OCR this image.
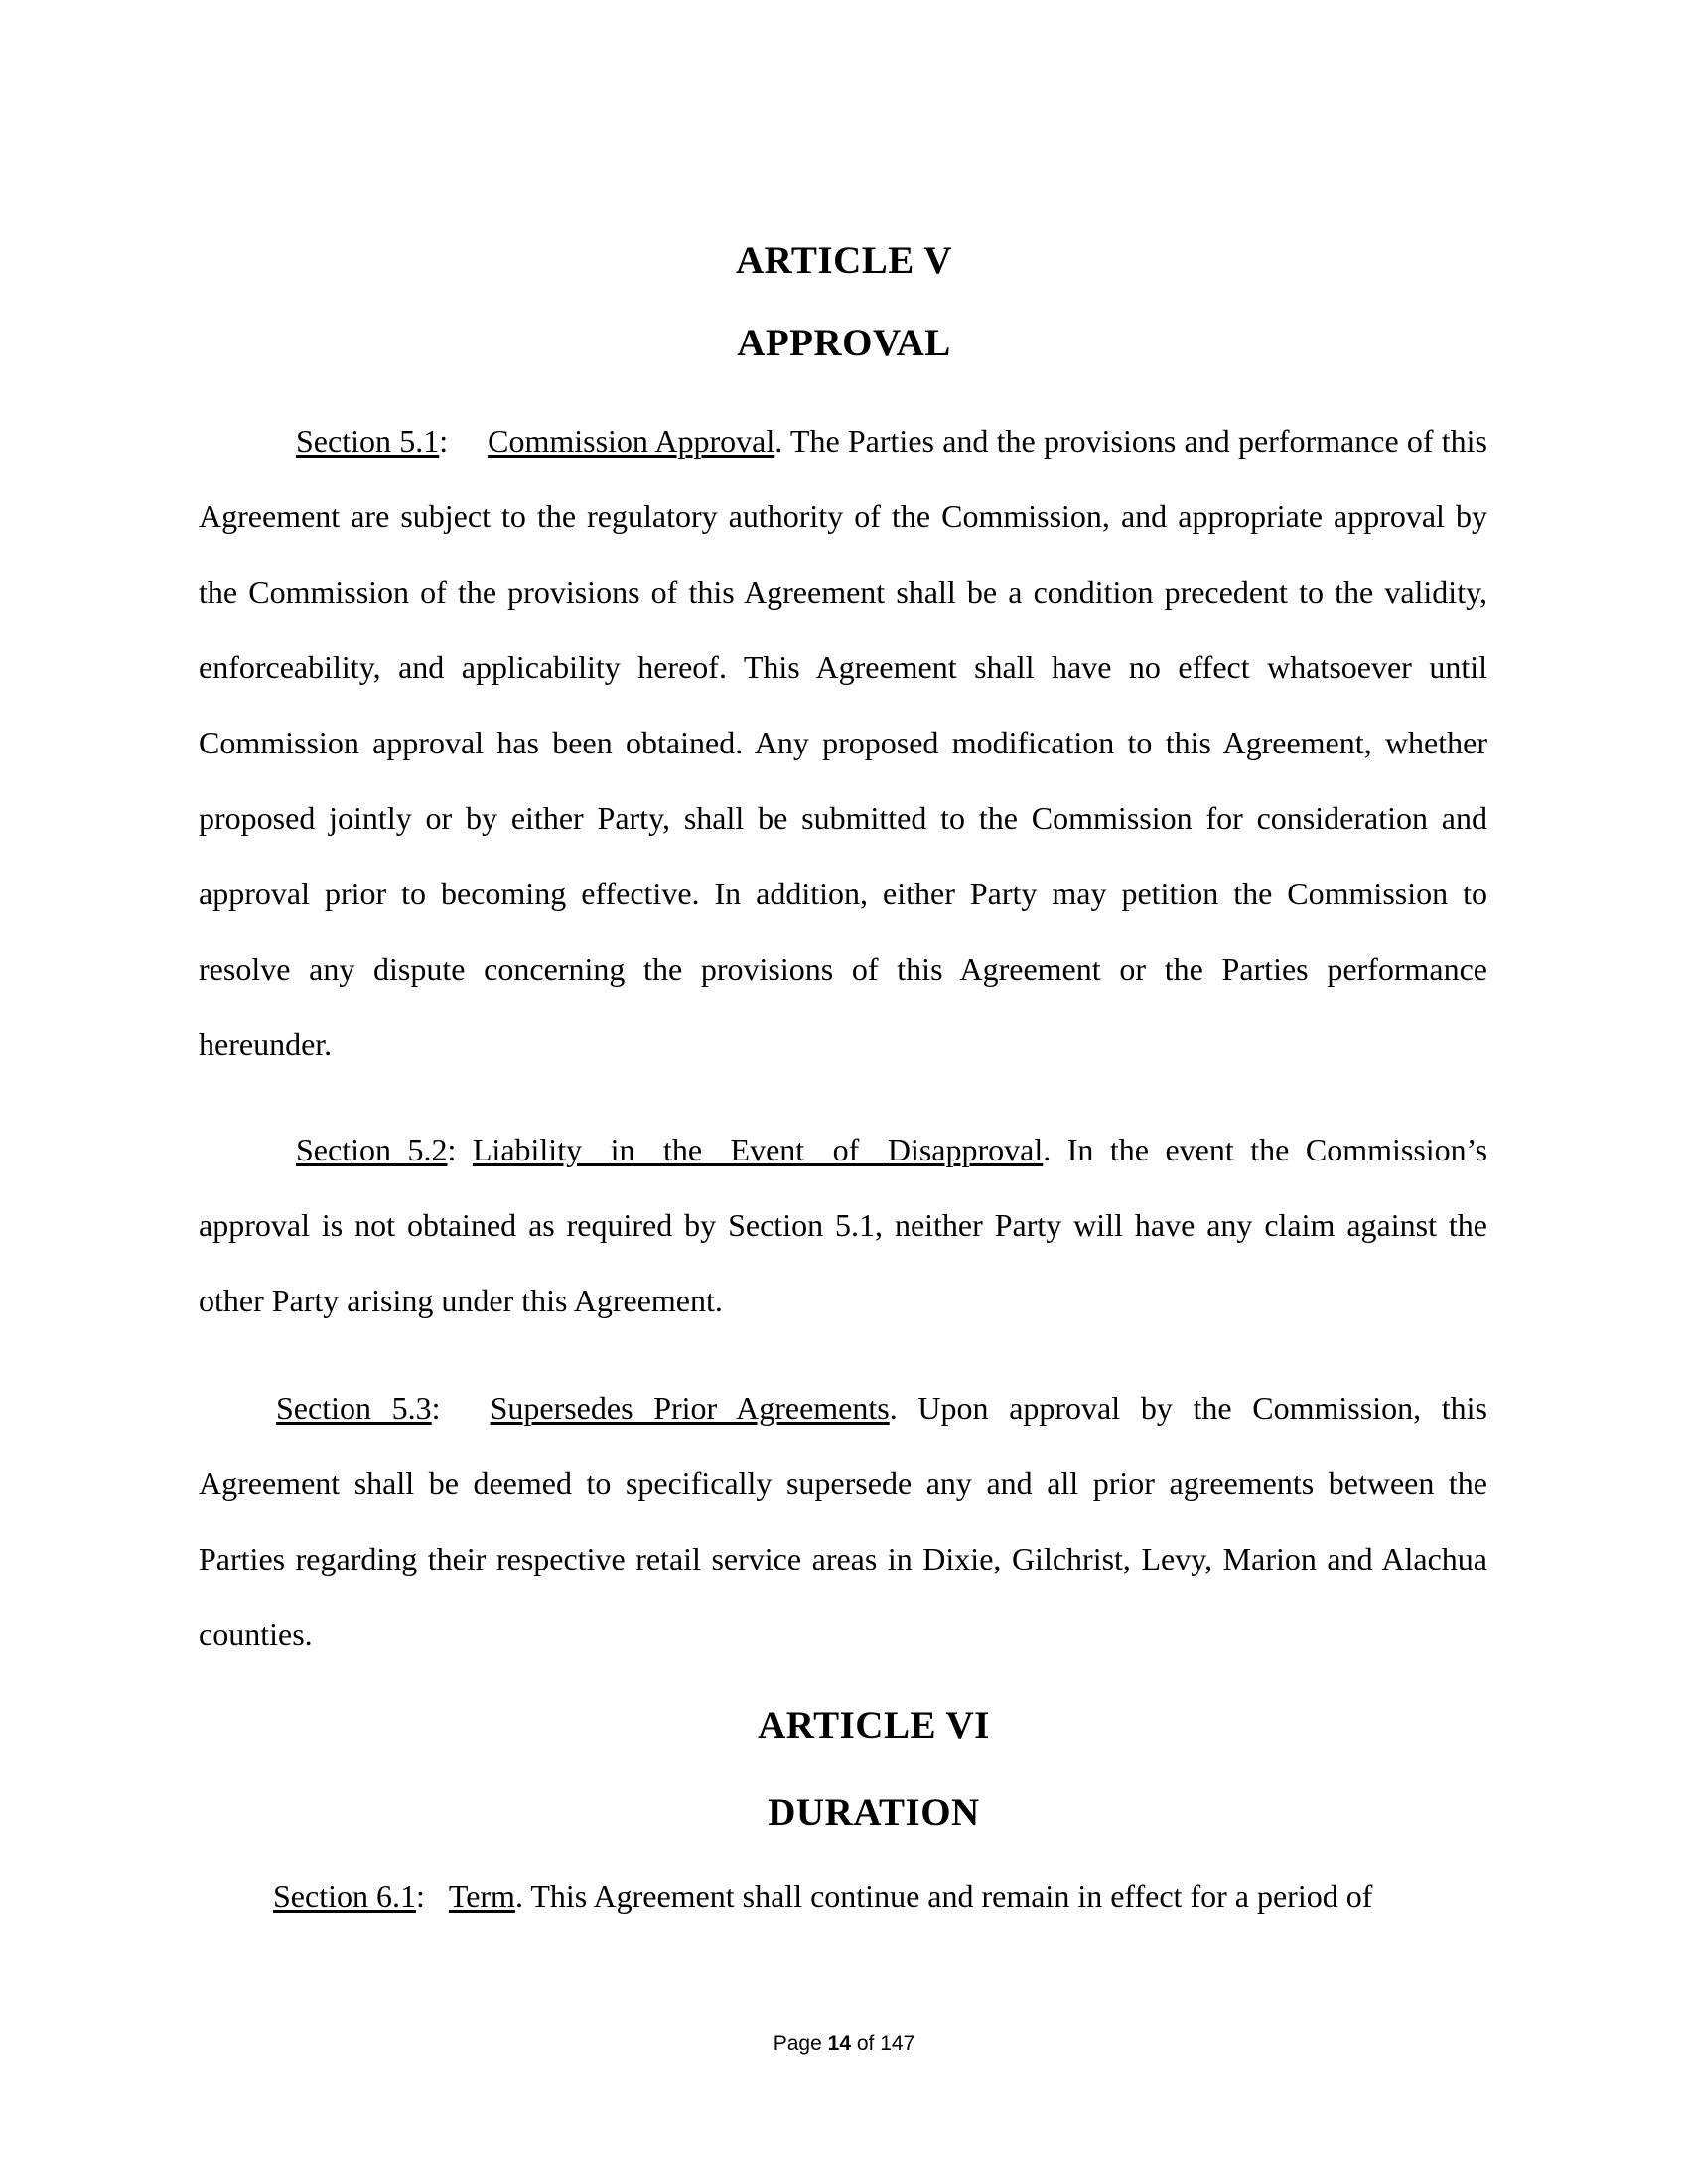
ARTICLE V
APPROVAL

Section 5.1: Commission Approval. The Parties and the provisions and performance of this Agreement are subject to the regulatory authority of the Commission, and appropriate approval by the Commission of the provisions of this Agreement shall be a condition precedent to the validity, enforceability, and applicability hereof. This Agreement shall have no effect whatsoever until Commission approval has been obtained. Any proposed modification to this Agreement, whether proposed jointly or by either Party, shall be submitted to the Commission for consideration and approval prior to becoming effective. In addition, either Party may petition the Commission to resolve any dispute concerning the provisions of this Agreement or the Parties performance hereunder.

Section 5.2: Liability in the Event of Disapproval. In the event the Commission’s approval is not obtained as required by Section 5.1, neither Party will have any claim against the other Party arising under this Agreement.

Section 5.3: Supersedes Prior Agreements. Upon approval by the Commission, this Agreement shall be deemed to specifically supersede any and all prior agreements between the Parties regarding their respective retail service areas in Dixie, Gilchrist, Levy, Marion and Alachua counties.

ARTICLE VI
DURATION

Section 6.1: Term. This Agreement shall continue and remain in effect for a period of

Page 14 of 147
